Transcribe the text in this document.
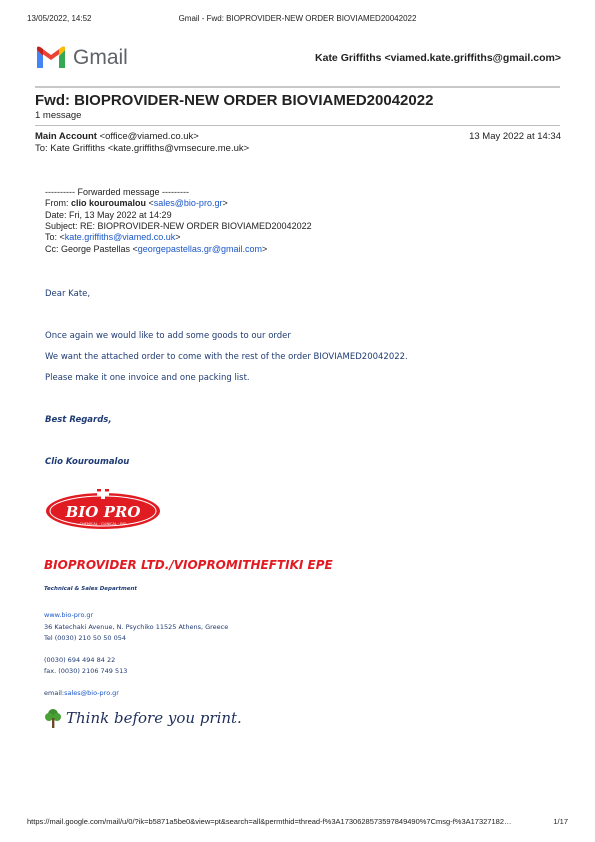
13/05/2022, 14:52	Gmail - Fwd: BIOPROVIDER-NEW ORDER BIOVIAMED20042022
Gmail	Kate Griffiths <viamed.kate.griffiths@gmail.com>
Fwd: BIOPROVIDER-NEW ORDER BIOVIAMED20042022
1 message
Main Account <office@viamed.co.uk>	13 May 2022 at 14:34
To: Kate Griffiths <kate.griffiths@vmsecure.me.uk>
---------- Forwarded message ---------
From: clio kouroumalou <sales@bio-pro.gr>
Date: Fri, 13 May 2022 at 14:29
Subject: RE: BIOPROVIDER-NEW ORDER BIOVIAMED20042022
To: <kate.griffiths@viamed.co.uk>
Cc: George Pastellas <georgepastellas.gr@gmail.com>
Dear Kate,
Once again we would like to add some goods to our order
We want the attached order to come with the rest of the order BIOVIAMED20042022.
Please make it one invoice and one packing list.
Best Regards,
Clio Kouroumalou
BIO PRO
CHEMICAL · CLINICAL · BIO
BIOPROVIDER LTD./VIOPROMITHEFTIKI EPE
Technical & Sales Department
www.bio-pro.gr
36 Katechaki Avenue, N. Psychiko 11525 Athens, Greece
Tel (0030) 210 50 50 054
(0030) 694 494 84 22
fax. (0030) 2106 749 513
email:sales@bio-pro.gr
Think before you print.
https://mail.google.com/mail/u/0/?ik=b5871a5be0&view=pt&search=all&permthid=thread-f%3A1730628573597849490%7Cmsg-f%3A17327182…	1/17
